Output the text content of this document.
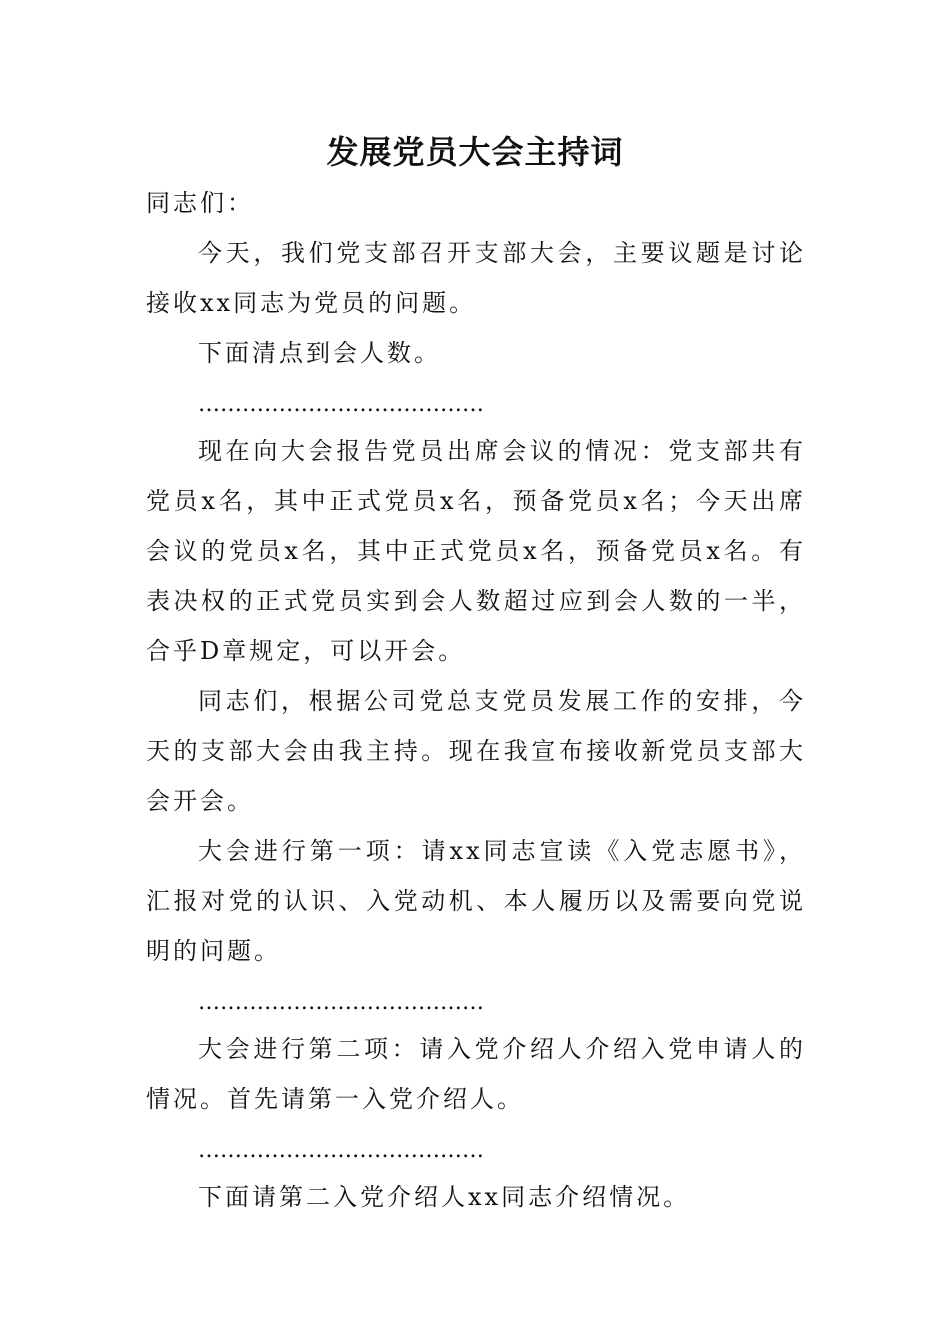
发展党员大会主持词

同志们：

今天，我们党支部召开支部大会，主要议题是讨论接收xx同志为党员的问题。

下面清点到会人数。

…………………………………

现在向大会报告党员出席会议的情况：党支部共有党员x名，其中正式党员x名，预备党员x名；今天出席会议的党员x名，其中正式党员x名，预备党员x名。有表决权的正式党员实到会人数超过应到会人数的一半，合乎D章规定，可以开会。

同志们，根据公司党总支党员发展工作的安排，今天的支部大会由我主持。现在我宣布接收新党员支部大会开会。

大会进行第一项：请xx同志宣读《入党志愿书》，汇报对党的认识、入党动机、本人履历以及需要向党说明的问题。

…………………………………

大会进行第二项：请入党介绍人介绍入党申请人的情况。首先请第一入党介绍人。

…………………………………

下面请第二入党介绍人xx同志介绍情况。
